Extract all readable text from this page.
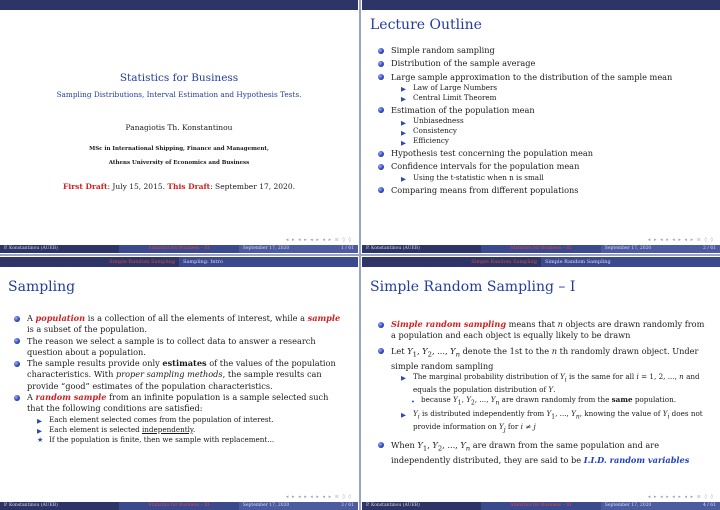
Statistics for Business
Sampling Distributions, Interval Estimation and Hypothesis Tests.
Panagiotis Th. Konstantinou
MSc in International Shipping, Finance and Management,
Athens University of Economics and Business
First Draft: July 15, 2015. This Draft: September 17, 2020.
◂ ▸ ◂ ▸ ◂ ▸ ◂ ▸ ≡ ◊ ◊
P. Konstantinou (AUEB)	Statistics for Business – III	September 17, 2020	1 / 61
Lecture Outline
Simple random sampling
Distribution of the sample average
Large sample approximation to the distribution of the sample mean
▶ Law of Large Numbers
▶ Central Limit Theorem
Estimation of the population mean
▶ Unbiasedness
▶ Consistency
▶ Efficiency
Hypothesis test concerning the population mean
Confidence intervals for the population mean
▶ Using the t-statistic when n is small
Comparing means from different populations
◂ ▸ ◂ ▸ ◂ ▸ ◂ ▸ ≡ ◊ ◊
P. Konstantinou (AUEB)	Statistics for Business – III	September 17, 2020	2 / 61
Simple Random Sampling	Sampling: Intro
Sampling
A population is a collection of all the elements of interest, while a sample is a subset of the population.
The reason we select a sample is to collect data to answer a research question about a population.
The sample results provide only estimates of the values of the population characteristics. With proper sampling methods, the sample results can provide “good” estimates of the population characteristics.
A random sample from an infinite population is a sample selected such that the following conditions are satisfied:
▶ Each element selected comes from the population of interest.
▶ Each element is selected independently.
★ If the population is finite, then we sample with replacement...
◂ ▸ ◂ ▸ ◂ ▸ ◂ ▸ ≡ ◊ ◊
P. Konstantinou (AUEB)	Statistics for Business – III	September 17, 2020	3 / 61
Simple Random Sampling	Simple Random Sampling
Simple Random Sampling – I
Simple random sampling means that n objects are drawn randomly from a population and each object is equally likely to be drawn
Let $Y_1$, $Y_2$, ..., $Y_n$ denote the 1st to the n th randomly drawn object. Under simple random sampling
▶ The marginal probability distribution of $Y_i$ is the same for all i = 1, 2, ..., n and equals the population distribution of Y.
• because $Y_1$, $Y_2$, ..., $Y_n$ are drawn randomly from the same population.
▶ $Y_i$ is distributed independently from $Y_1$, ..., $Y_n$, knowing the value of $Y_i$ does not provide information on $Y_j$ for i ≠ j
When $Y_1$, $Y_2$, ..., $Y_n$ are drawn from the same population and are independently distributed, they are said to be I.I.D. random variables
◂ ▸ ◂ ▸ ◂ ▸ ◂ ▸ ≡ ◊ ◊
P. Konstantinou (AUEB)	Statistics for Business – III	September 17, 2020	4 / 61
